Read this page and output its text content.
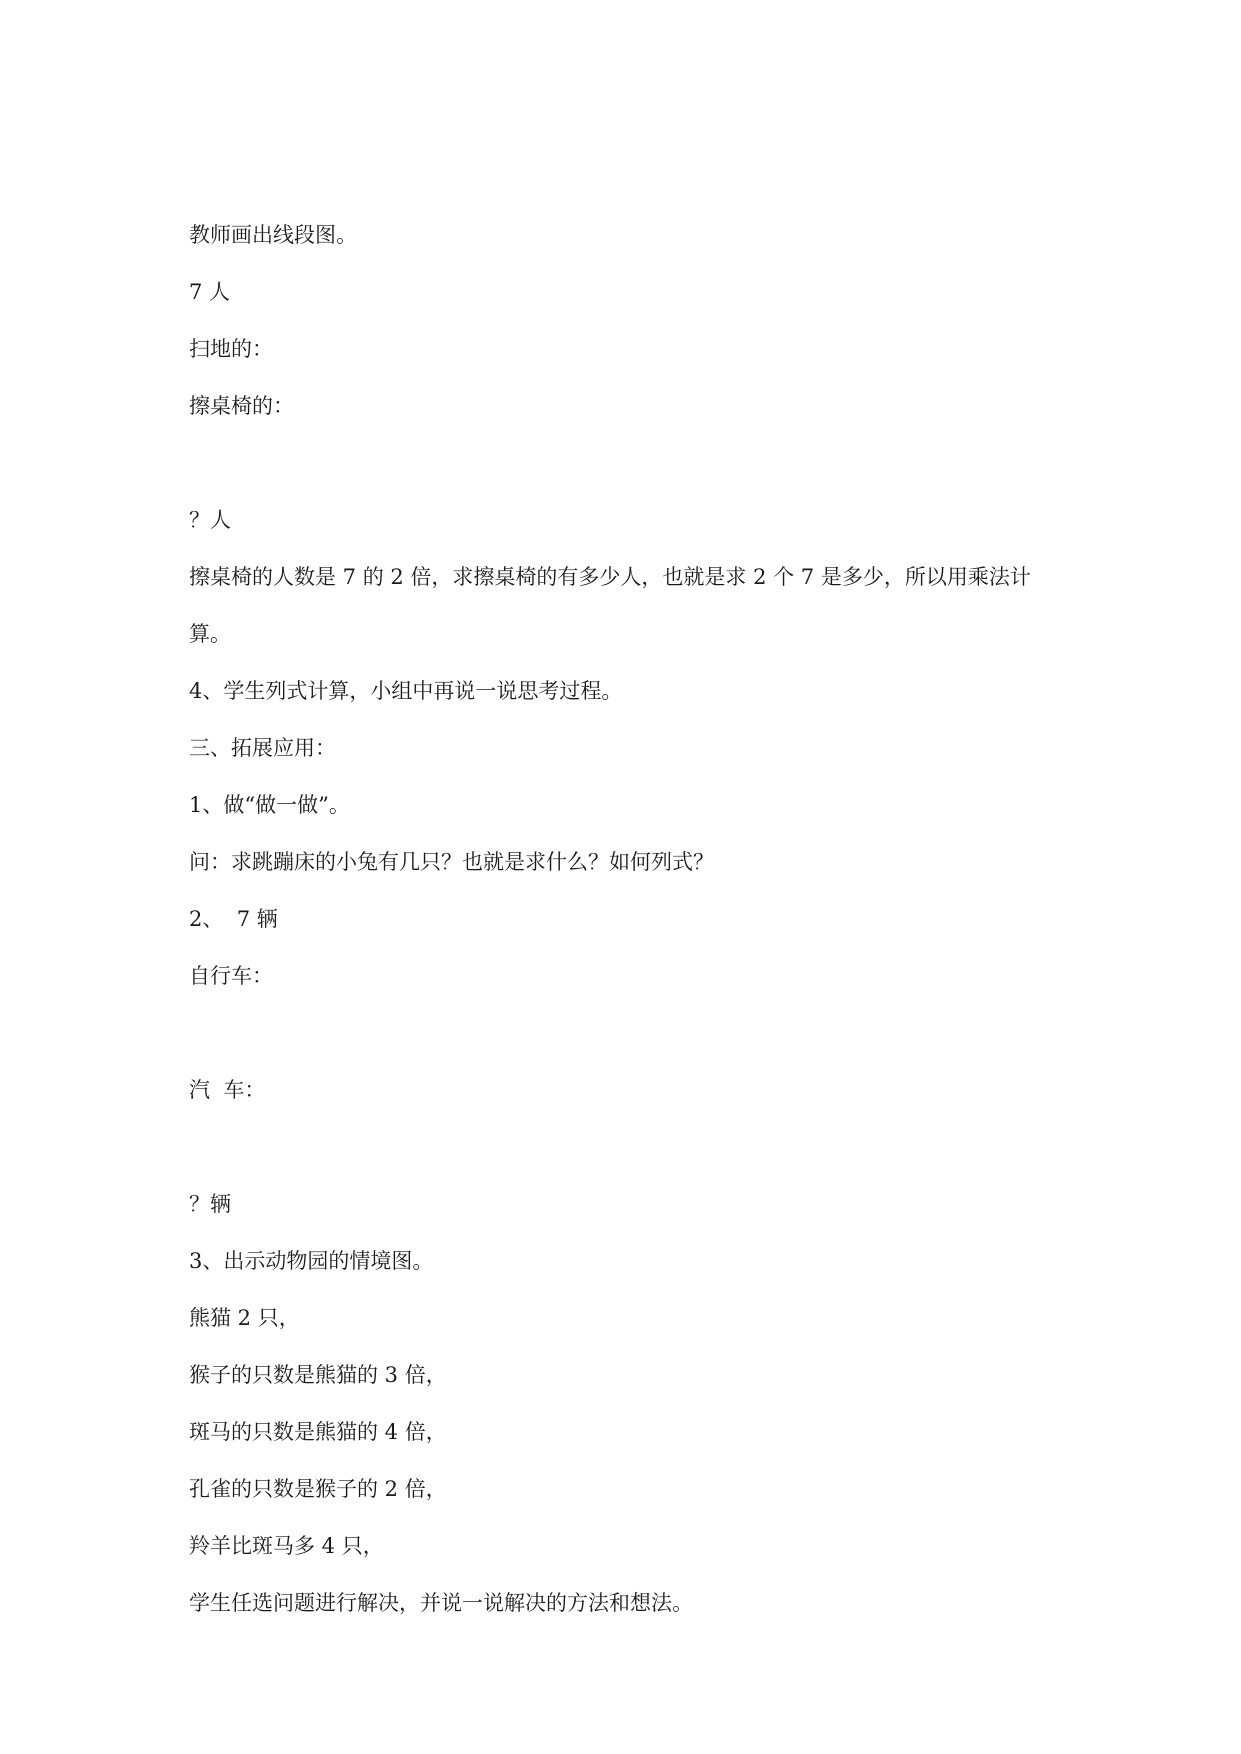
教师画出线段图。
7 人
扫地的：
擦桌椅的：
？人
擦桌椅的人数是 7 的 2 倍，求擦桌椅的有多少人，也就是求 2 个 7 是多少，所以用乘法计
算。
4、学生列式计算，小组中再说一说思考过程。
三、拓展应用：
1、做“做一做”。
问：求跳蹦床的小兔有几只？也就是求什么？如何列式？
2、  7 辆
自行车：
汽  车：
？辆
3、出示动物园的情境图。
熊猫 2 只，
猴子的只数是熊猫的 3 倍，
斑马的只数是熊猫的 4 倍，
孔雀的只数是猴子的 2 倍，
羚羊比斑马多 4 只，
学生任选问题进行解决，并说一说解决的方法和想法。
